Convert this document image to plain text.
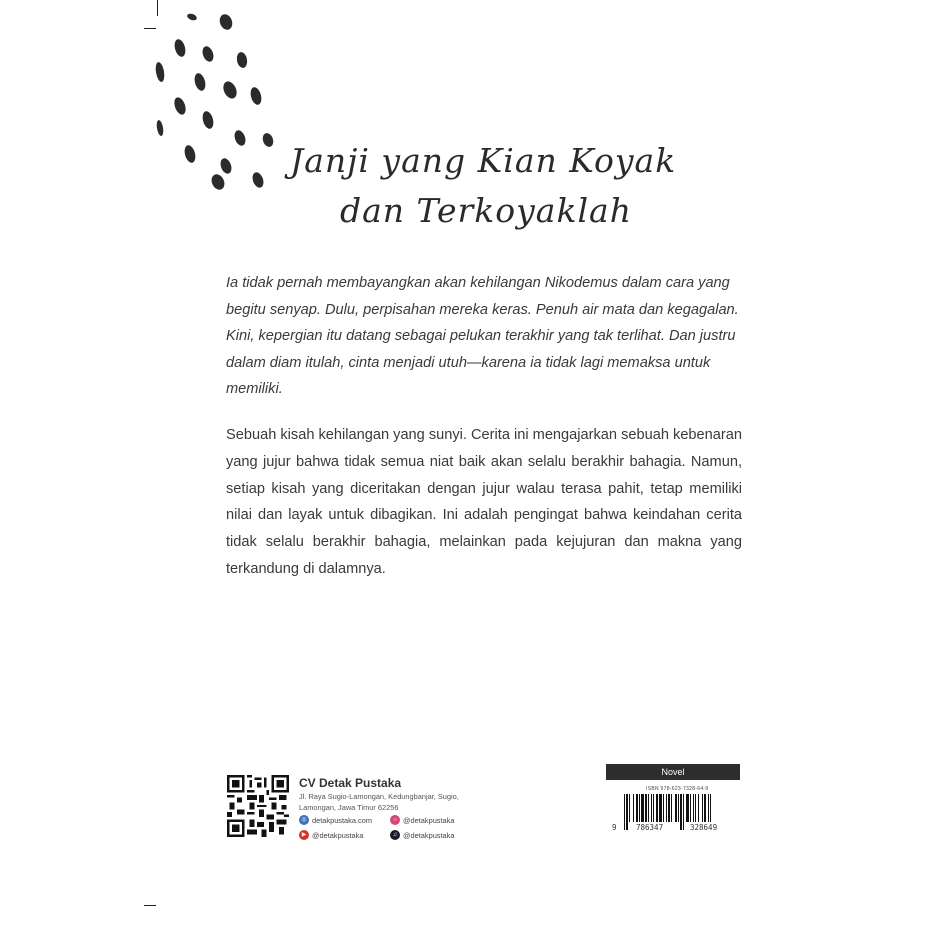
Janji yang Kian Koyak
dan Terkoyaklah

Ia tidak pernah membayangkan akan kehilangan Nikodemus dalam cara yang begitu senyap. Dulu, perpisahan mereka keras. Penuh air mata dan kegagalan. Kini, kepergian itu datang sebagai pelukan terakhir yang tak terlihat. Dan justru dalam diam itulah, cinta menjadi utuh—karena ia tidak lagi memaksa untuk memiliki.

Sebuah kisah kehilangan yang sunyi. Cerita ini mengajarkan sebuah kebenaran yang jujur bahwa tidak semua niat baik akan selalu berakhir bahagia. Namun, setiap kisah yang diceritakan dengan jujur walau terasa pahit, tetap memiliki nilai dan layak untuk dibagikan. Ini adalah pengingat bahwa keindahan cerita tidak selalu berakhir bahagia, melainkan pada kejujuran dan makna yang terkandung di dalamnya.

CV Detak Pustaka
Jl. Raya Sugio-Lamongan, Kedungbanjar, Sugio, Lamongan, Jawa Timur 62256
◎ detakpustaka.com	○ @detakpustaka
▶ @detakpustaka	♫ @detakpustaka
Novel
ISBN 978-623-7328-64-9
9	786347	328649
